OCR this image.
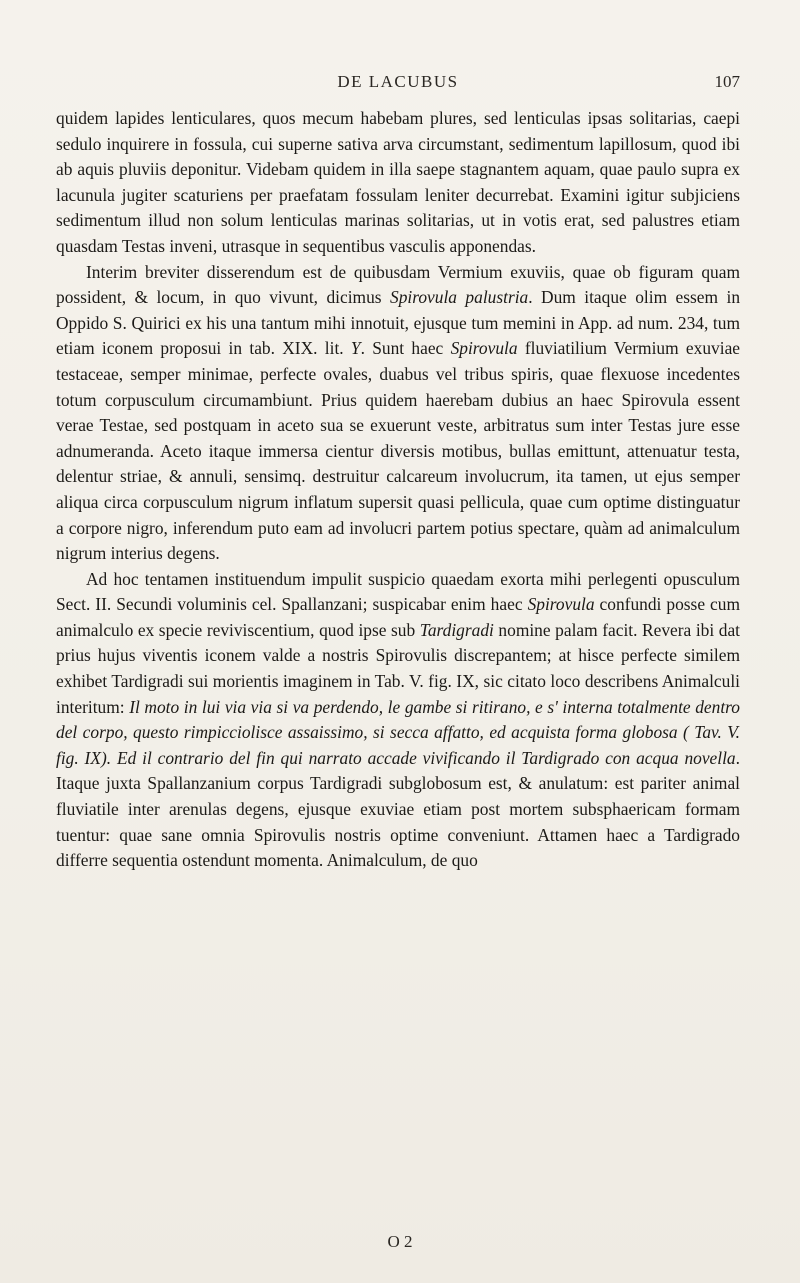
DE LACUBUS	107

quidem lapides lenticulares, quos mecum habebam plures, sed lenticulas ipsas solitarias, caepi sedulo inquirere in fossula, cui superne sativa arva circumstant, sedimentum lapillosum, quod ibi ab aquis pluviis deponitur. Videbam quidem in illa saepe stagnantem aquam, quae paulo supra ex lacunula jugiter scaturiens per praefatam fossulam leniter decurrebat. Examini igitur subjiciens sedimentum illud non solum lenticulas marinas solitarias, ut in votis erat, sed palustres etiam quasdam Testas inveni, utrasque in sequentibus vasculis apponendas.

Interim breviter disserendum est de quibusdam Vermium exuviis, quae ob figuram quam possident, & locum, in quo vivunt, dicimus Spirovula palustria. Dum itaque olim essem in Oppido S. Quirici ex his una tantum mihi innotuit, ejusque tum memini in App. ad num. 234, tum etiam iconem proposui in tab. XIX. lit. Y. Sunt haec Spirovula fluviatilium Vermium exuviae testaceae, semper minimae, perfecte ovales, duabus vel tribus spiris, quae flexuose incedentes totum corpusculum circumambiunt. Prius quidem haerebam dubius an haec Spirovula essent verae Testae, sed postquam in aceto sua se exuerunt veste, arbitratus sum inter Testas jure esse adnumeranda. Aceto itaque immersa cientur diversis motibus, bullas emittunt, attenuatur testa, delentur striae, & annuli, sensimq. destruitur calcareum involucrum, ita tamen, ut ejus semper aliqua circa corpusculum nigrum inflatum supersit quasi pellicula, quae cum optime distinguatur a corpore nigro, inferendum puto eam ad involucri partem potius spectare, quàm ad animalculum nigrum interius degens.

Ad hoc tentamen instituendum impulit suspicio quaedam exorta mihi perlegenti opusculum Sect. II. Secundi voluminis cel. Spallanzani; suspicabar enim haec Spirovula confundi posse cum animalculo ex specie reviviscentium, quod ipse sub Tardigradi nomine palam facit. Revera ibi dat prius hujus viventis iconem valde a nostris Spirovulis discrepantem; at hisce perfecte similem exhibet Tardigradi sui morientis imaginem in Tab. V. fig. IX, sic citato loco describens Animalculi interitum: Il moto in lui via via si va perdendo, le gambe si ritirano, e s' interna totalmente dentro del corpo, questo rimpiccioliscе assaissimo, si secca affatto, ed acquista forma globosa ( Tav. V. fig. IX). Ed il contrario del fin qui narrato accade vivificando il Tardigrado con acqua novella. Itaque juxta Spallanzanium corpus Tardigradi subglobosum est, & anulatum: est pariter animal fluviatile inter arenulas degens, ejusque exuviae etiam post mortem subsphaericam formam tuentur: quae sane omnia Spirovulis nostris optime conveniunt. Attamen haec a Tardigrado differre sequentia ostendunt momenta. Animalculum, de quo

O 2
